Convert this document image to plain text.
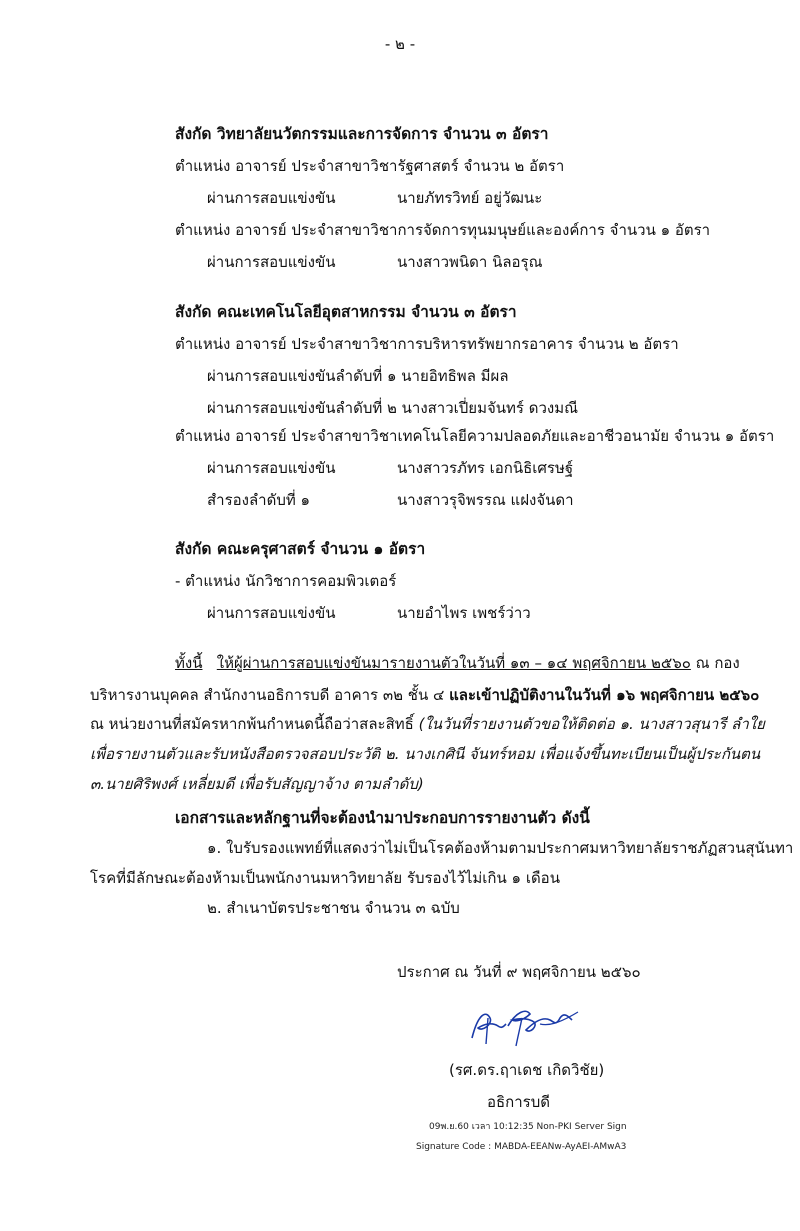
- ๒ -
สังกัด วิทยาลัยนวัตกรรมและการจัดการ จำนวน ๓ อัตรา
ตำแหน่ง อาจารย์ ประจำสาขาวิชารัฐศาสตร์ จำนวน ๒ อัตรา
ผ่านการสอบแข่งขัน	นายภัทรวิทย์ อยู่วัฒนะ
ตำแหน่ง อาจารย์ ประจำสาขาวิชาการจัดการทุนมนุษย์และองค์การ จำนวน ๑ อัตรา
ผ่านการสอบแข่งขัน	นางสาวพนิดา นิลอรุณ
สังกัด คณะเทคโนโลยีอุตสาหกรรม จำนวน ๓ อัตรา
ตำแหน่ง อาจารย์ ประจำสาขาวิชาการบริหารทรัพยากรอาคาร จำนวน ๒ อัตรา
ผ่านการสอบแข่งขันลำดับที่ ๑ นายอิทธิพล มีผล
ผ่านการสอบแข่งขันลำดับที่ ๒ นางสาวเปี่ยมจันทร์ ดวงมณี
ตำแหน่ง อาจารย์ ประจำสาขาวิชาเทคโนโลยีความปลอดภัยและอาชีวอนามัย จำนวน ๑ อัตรา
ผ่านการสอบแข่งขัน	นางสาวรภัทร เอกนิธิเศรษฐ์
สำรองลำดับที่ ๑	นางสาวรุจิพรรณ แฝงจันดา
สังกัด คณะครุศาสตร์ จำนวน ๑ อัตรา
- ตำแหน่ง นักวิชาการคอมพิวเตอร์
ผ่านการสอบแข่งขัน	นายอำไพร เพชร์ว่าว
ทั้งนี้ ให้ผู้ผ่านการสอบแข่งขันมารายงานตัวในวันที่ ๑๓ – ๑๔ พฤศจิกายน ๒๕๖๐ ณ กอง
บริหารงานบุคคล สำนักงานอธิการบดี อาคาร ๓๒ ชั้น ๔ และเข้าปฏิบัติงานในวันที่ ๑๖ พฤศจิกายน ๒๕๖๐
ณ หน่วยงานที่สมัครหากพ้นกำหนดนี้ถือว่าสละสิทธิ์ (ในวันที่รายงานตัวขอให้ติดต่อ ๑. นางสาวสุนารี ลำใย
เพื่อรายงานตัวและรับหนังสือตรวจสอบประวัติ ๒. นางเกศินี จันทร์หอม เพื่อแจ้งขึ้นทะเบียนเป็นผู้ประกันตน
๓.นายศิริพงศ์ เหลี่ยมดี เพื่อรับสัญญาจ้าง ตามลำดับ)
เอกสารและหลักฐานที่จะต้องนำมาประกอบการรายงานตัว ดังนี้
๑. ใบรับรองแพทย์ที่แสดงว่าไม่เป็นโรคต้องห้ามตามประกาศมหาวิทยาลัยราชภัฏสวนสุนันทา
โรคที่มีลักษณะต้องห้ามเป็นพนักงานมหาวิทยาลัย รับรองไว้ไม่เกิน ๑ เดือน
๒. สำเนาบัตรประชาชน จำนวน ๓ ฉบับ
ประกาศ ณ วันที่ ๙ พฤศจิกายน ๒๕๖๐
(รศ.ดร.ฤาเดช เกิดวิชัย)
อธิการบดี
09พ.ย.60 เวลา 10:12:35 Non-PKI Server Sign
Signature Code : MABDA-EEANw-AyAEI-AMwA3
